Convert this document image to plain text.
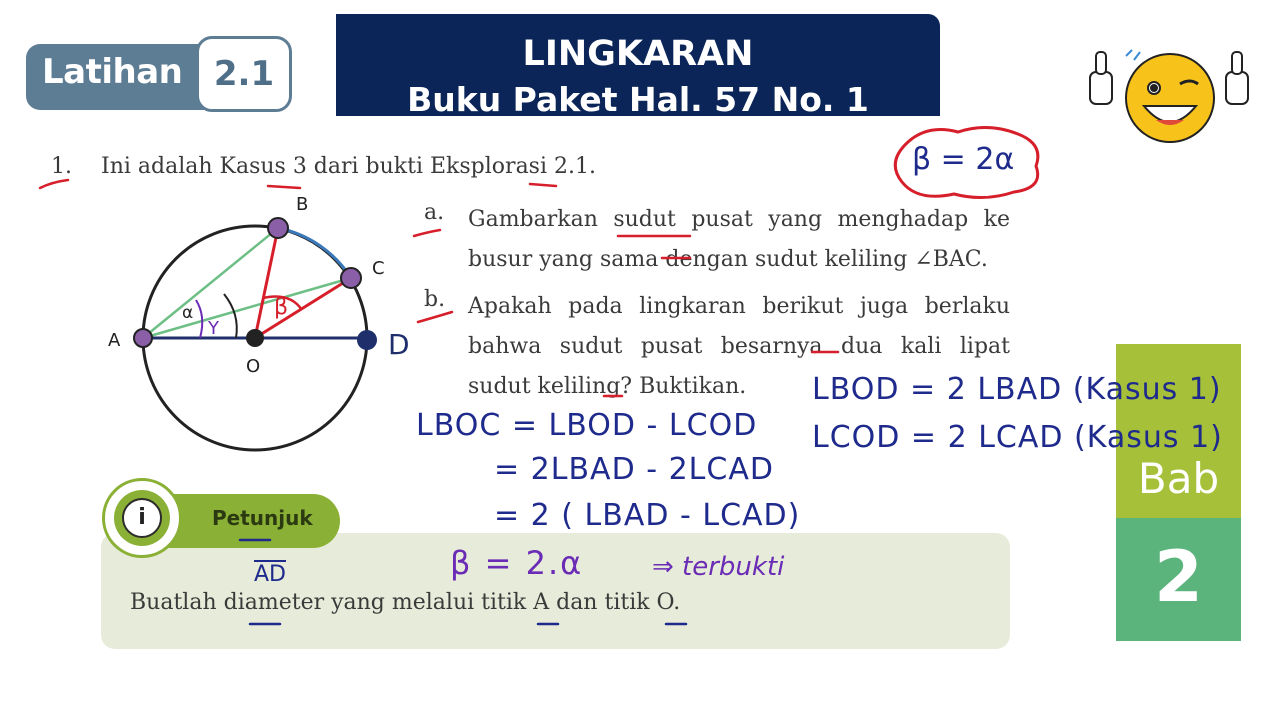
Latihan 2.1	LINGKARAN
Buku Paket Hal. 57 No. 1
1. Ini adalah Kasus 3 dari bukti Eksplorasi 2.1.
a. Gambarkan sudut pusat yang menghadap ke busur yang sama dengan sudut keliling ∠BAC.
b. Apakah pada lingkaran berikut juga berlaku bahwa sudut pusat besarnya dua kali lipat sudut keliling? Buktikan.
A
B
C
O
D
α
Y
β
Buatlah diameter yang melalui titik A dan titik O.
Petunjuk
i
Bab
2
β = 2α
LBOD = 2 LBAD (Kasus 1)
LCOD = 2 LCAD (Kasus 1)
LBOC = LBOD - LCOD
= 2LBAD - 2LCAD
= 2 ( LBAD - LCAD)
β = 2.α	⇒ terbukti
$\overline{AD}$
